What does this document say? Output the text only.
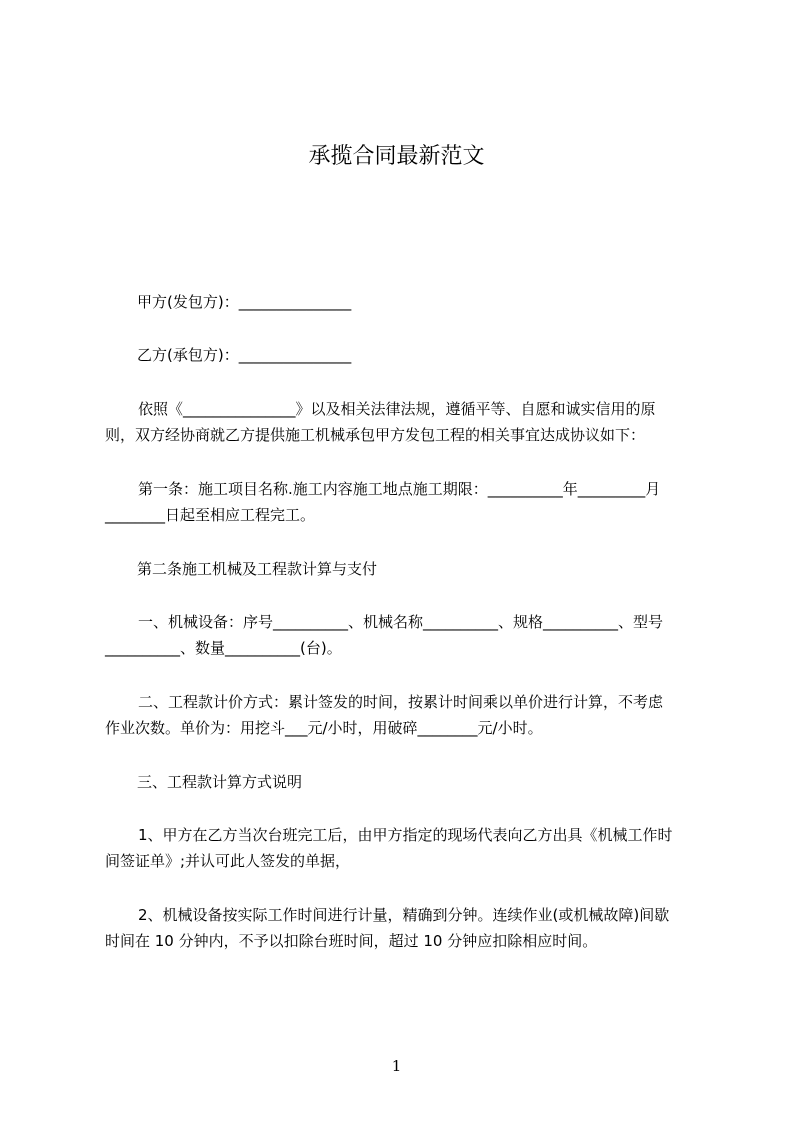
承揽合同最新范文
甲方(发包方)：_______________
乙方(承包方)：_______________
依照《_______________》以及相关法律法规，遵循平等、自愿和诚实信用的原
则，双方经协商就乙方提供施工机械承包甲方发包工程的相关事宜达成协议如下：
第一条：施工项目名称.施工内容施工地点施工期限：__________年_________月
________日起至相应工程完工。
第二条施工机械及工程款计算与支付
一、机械设备：序号__________、机械名称__________、规格__________、型号
__________、数量__________(台)。
二、工程款计价方式：累计签发的时间，按累计时间乘以单价进行计算，不考虑
作业次数。单价为：用挖斗___元/小时，用破碎________元/小时。
三、工程款计算方式说明
1、甲方在乙方当次台班完工后，由甲方指定的现场代表向乙方出具《机械工作时
间签证单》;并认可此人签发的单据，
2、机械设备按实际工作时间进行计量，精确到分钟。连续作业(或机械故障)间歇
时间在 10 分钟内，不予以扣除台班时间，超过 10 分钟应扣除相应时间。
1
